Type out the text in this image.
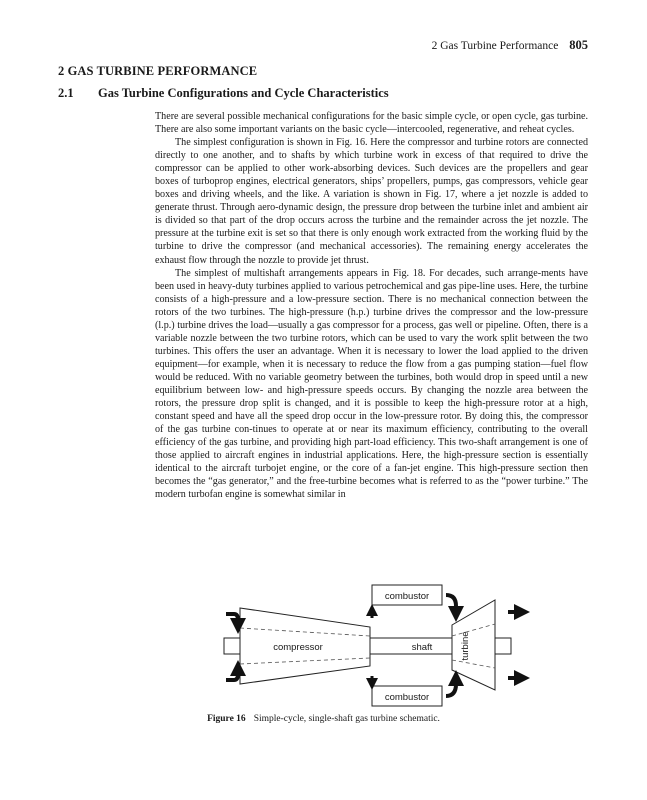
2 Gas Turbine Performance 805
2 GAS TURBINE PERFORMANCE
2.1 Gas Turbine Configurations and Cycle Characteristics

There are several possible mechanical configurations for the basic simple cycle, or open cycle, gas turbine. There are also some important variants on the basic cycle—intercooled, regenerative, and reheat cycles.

The simplest configuration is shown in Fig. 16. Here the compressor and turbine rotors are connected directly to one another, and to shafts by which turbine work in excess of that required to drive the compressor can be applied to other work-absorbing devices. Such devices are the propellers and gear boxes of turboprop engines, electrical generators, ships’ propellers, pumps, gas compressors, vehicle gear boxes and driving wheels, and the like. A variation is shown in Fig. 17, where a jet nozzle is added to generate thrust. Through aero-dynamic design, the pressure drop between the turbine inlet and ambient air is divided so that part of the drop occurs across the turbine and the remainder across the jet nozzle. The pressure at the turbine exit is set so that there is only enough work extracted from the working fluid by the turbine to drive the compressor (and mechanical accessories). The remaining energy accelerates the exhaust flow through the nozzle to provide jet thrust.

The simplest of multishaft arrangements appears in Fig. 18. For decades, such arrange-ments have been used in heavy-duty turbines applied to various petrochemical and gas pipe-line uses. Here, the turbine consists of a high-pressure and a low-pressure section. There is no mechanical connection between the rotors of the two turbines. The high-pressure (h.p.) turbine drives the compressor and the low-pressure (l.p.) turbine drives the load—usually a gas compressor for a process, gas well or pipeline. Often, there is a variable nozzle between the two turbine rotors, which can be used to vary the work split between the two turbines. This offers the user an advantage. When it is necessary to lower the load applied to the driven equipment—for example, when it is necessary to reduce the flow from a gas pumping station—fuel flow would be reduced. With no variable geometry between the turbines, both would drop in speed until a new equilibrium between low- and high-pressure speeds occurs. By changing the nozzle area between the rotors, the pressure drop split is changed, and it is possible to keep the high-pressure rotor at a high, constant speed and have all the speed drop occur in the low-pressure rotor. By doing this, the compressor of the gas turbine con-tinues to operate at or near its maximum efficiency, contributing to the overall efficiency of the gas turbine, and providing high part-load efficiency. This two-shaft arrangement is one of those applied to aircraft engines in industrial applications. Here, the high-pressure section is essentially identical to the aircraft turbojet engine, or the core of a fan-jet engine. This high-pressure section then becomes the “gas generator,” and the free-turbine becomes what is referred to as the “power turbine.” The modern turbofan engine is somewhat similar in

combustor
combustor
compressor	shaft	turbine
Figure 16 Simple-cycle, single-shaft gas turbine schematic.
